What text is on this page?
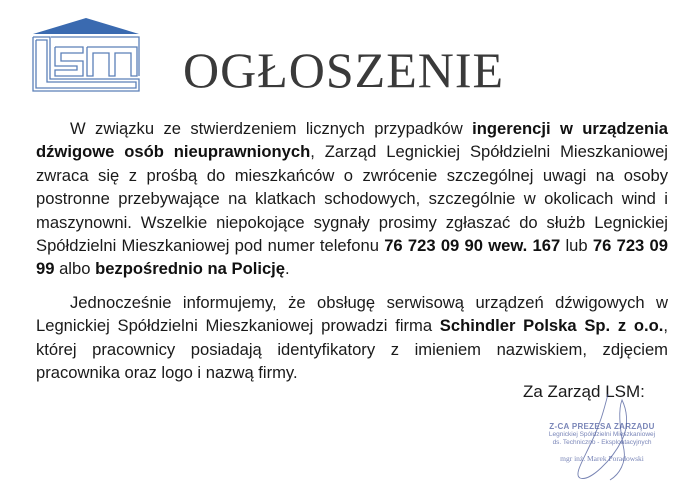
OGŁOSZENIE

W związku ze stwierdzeniem licznych przypadków ingerencji w urządzenia dźwigowe osób nieuprawnionych, Zarząd Legnickiej Spółdzielni Mieszkaniowej zwraca się z prośbą do mieszkańców o zwrócenie szczególnej uwagi na osoby postronne przebywające na klatkach schodowych, szczególnie w okolicach wind i maszynowni. Wszelkie niepokojące sygnały prosimy zgłaszać do służb Legnickiej Spółdzielni Mieszkaniowej pod numer telefonu 76 723 09 90 wew. 167 lub 76 723 09 99 albo bezpośrednio na Policję.

Jednocześnie informujemy, że obsługę serwisową urządzeń dźwigowych w Legnickiej Spółdzielni Mieszkaniowej prowadzi firma Schindler Polska Sp. z o.o., której pracownicy posiadają identyfikatory z imieniem nazwiskiem, zdjęciem pracownika oraz logo i nazwą firmy.

Za Zarząd LSM:
Z-CA PREZESA ZARZĄDU
Legnickiej Spółdzielni Mieszkaniowej
ds. Techniczno - Eksploatacyjnych
mgr inż. Marek Poradowski
